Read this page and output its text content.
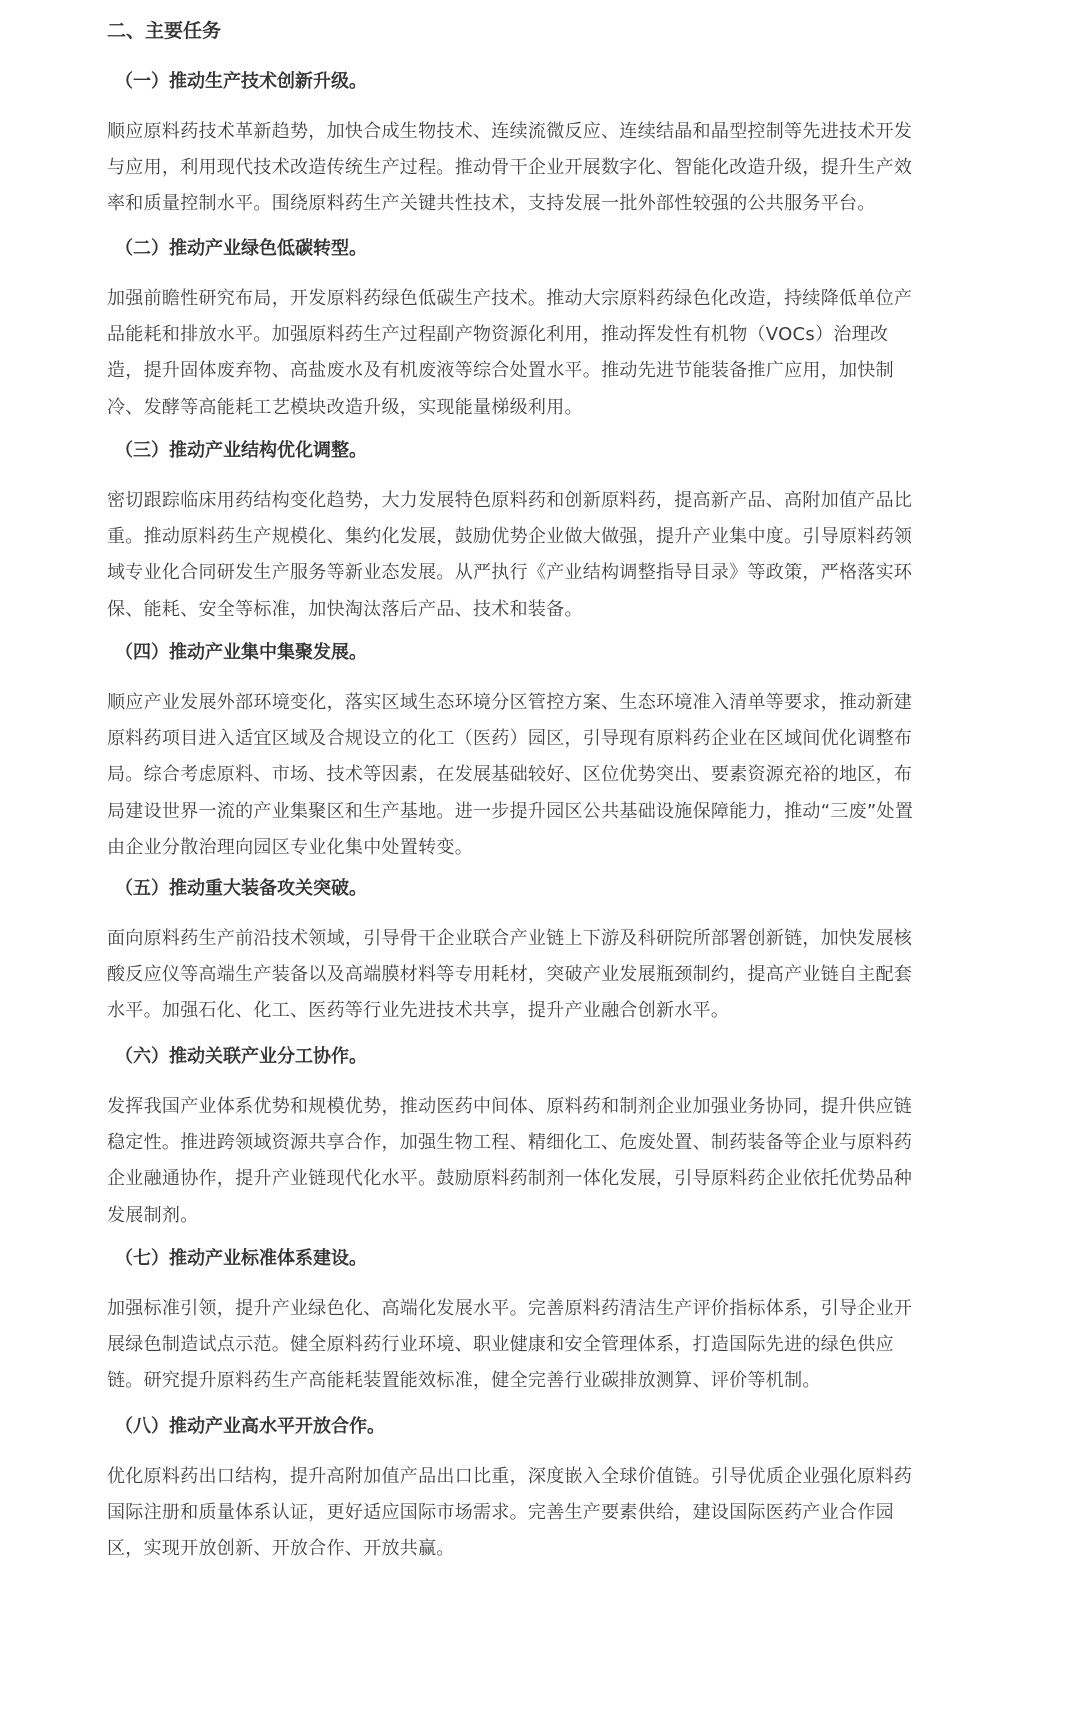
二、主要任务
（一）推动生产技术创新升级。
顺应原料药技术革新趋势，加快合成生物技术、连续流微反应、连续结晶和晶型控制等先进技术开发
与应用，利用现代技术改造传统生产过程。推动骨干企业开展数字化、智能化改造升级，提升生产效
率和质量控制水平。围绕原料药生产关键共性技术，支持发展一批外部性较强的公共服务平台。
（二）推动产业绿色低碳转型。
加强前瞻性研究布局，开发原料药绿色低碳生产技术。推动大宗原料药绿色化改造，持续降低单位产
品能耗和排放水平。加强原料药生产过程副产物资源化利用，推动挥发性有机物（VOCs）治理改
造，提升固体废弃物、高盐废水及有机废液等综合处置水平。推动先进节能装备推广应用，加快制
冷、发酵等高能耗工艺模块改造升级，实现能量梯级利用。
（三）推动产业结构优化调整。
密切跟踪临床用药结构变化趋势，大力发展特色原料药和创新原料药，提高新产品、高附加值产品比
重。推动原料药生产规模化、集约化发展，鼓励优势企业做大做强，提升产业集中度。引导原料药领
域专业化合同研发生产服务等新业态发展。从严执行《产业结构调整指导目录》等政策，严格落实环
保、能耗、安全等标准，加快淘汰落后产品、技术和装备。
（四）推动产业集中集聚发展。
顺应产业发展外部环境变化，落实区域生态环境分区管控方案、生态环境准入清单等要求，推动新建
原料药项目进入适宜区域及合规设立的化工（医药）园区，引导现有原料药企业在区域间优化调整布
局。综合考虑原料、市场、技术等因素，在发展基础较好、区位优势突出、要素资源充裕的地区，布
局建设世界一流的产业集聚区和生产基地。进一步提升园区公共基础设施保障能力，推动“三废”处置
由企业分散治理向园区专业化集中处置转变。
（五）推动重大装备攻关突破。
面向原料药生产前沿技术领域，引导骨干企业联合产业链上下游及科研院所部署创新链，加快发展核
酸反应仪等高端生产装备以及高端膜材料等专用耗材，突破产业发展瓶颈制约，提高产业链自主配套
水平。加强石化、化工、医药等行业先进技术共享，提升产业融合创新水平。
（六）推动关联产业分工协作。
发挥我国产业体系优势和规模优势，推动医药中间体、原料药和制剂企业加强业务协同，提升供应链
稳定性。推进跨领域资源共享合作，加强生物工程、精细化工、危废处置、制药装备等企业与原料药
企业融通协作，提升产业链现代化水平。鼓励原料药制剂一体化发展，引导原料药企业依托优势品种
发展制剂。
（七）推动产业标准体系建设。
加强标准引领，提升产业绿色化、高端化发展水平。完善原料药清洁生产评价指标体系，引导企业开
展绿色制造试点示范。健全原料药行业环境、职业健康和安全管理体系，打造国际先进的绿色供应
链。研究提升原料药生产高能耗装置能效标准，健全完善行业碳排放测算、评价等机制。
（八）推动产业高水平开放合作。
优化原料药出口结构，提升高附加值产品出口比重，深度嵌入全球价值链。引导优质企业强化原料药
国际注册和质量体系认证，更好适应国际市场需求。完善生产要素供给，建设国际医药产业合作园
区，实现开放创新、开放合作、开放共赢。
